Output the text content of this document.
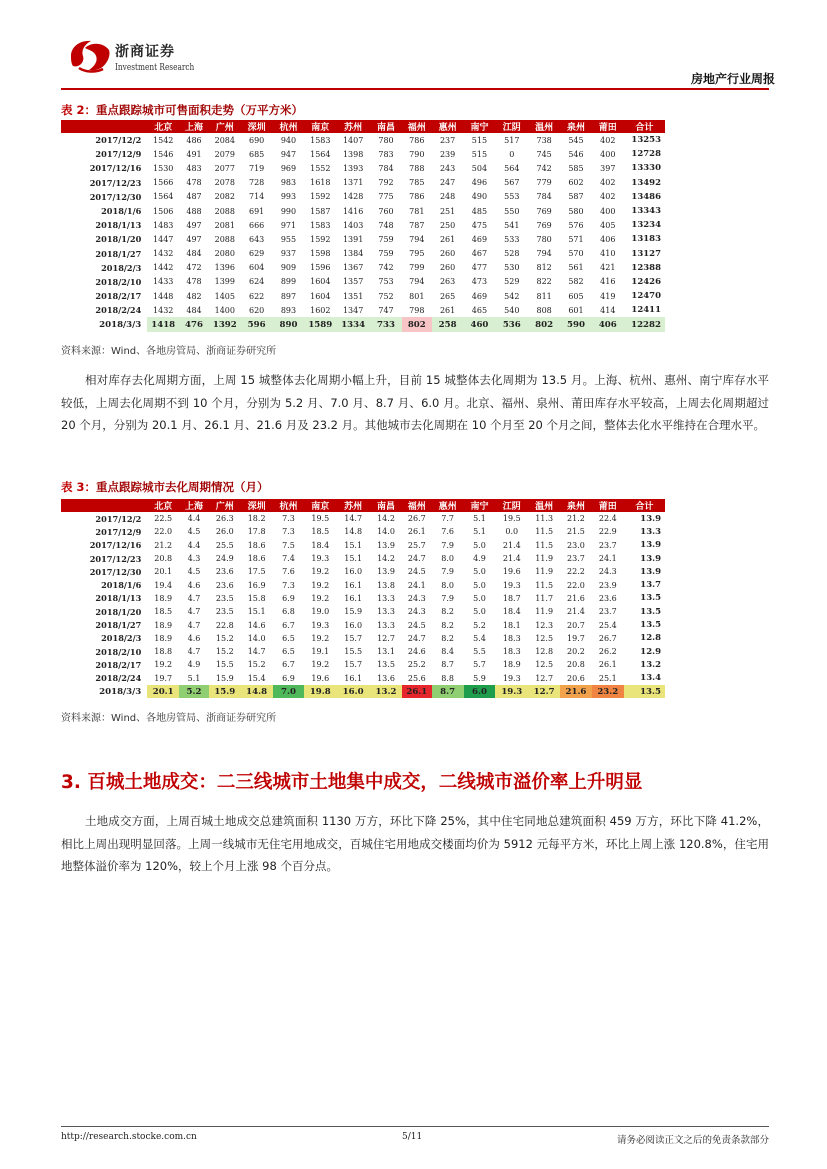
浙商证券
Investment Research
房地产行业周报
表 2：重点跟踪城市可售面积走势（万平方米）
	北京	上海	广州	深圳	杭州	南京	苏州	南昌	福州	惠州	南宁	江阴	温州	泉州	莆田	合计
2017/12/2	1542	486	2084	690	940	1583	1407	780	786	237	515	517	738	545	402	13253
2017/12/9	1546	491	2079	685	947	1564	1398	783	790	239	515	0	745	546	400	12728
2017/12/16	1530	483	2077	719	969	1552	1393	784	788	243	504	564	742	585	397	13330
2017/12/23	1566	478	2078	728	983	1618	1371	792	785	247	496	567	779	602	402	13492
2017/12/30	1564	487	2082	714	993	1592	1428	775	786	248	490	553	784	587	402	13486
2018/1/6	1506	488	2088	691	990	1587	1416	760	781	251	485	550	769	580	400	13343
2018/1/13	1483	497	2081	666	971	1583	1403	748	787	250	475	541	769	576	405	13234
2018/1/20	1447	497	2088	643	955	1592	1391	759	794	261	469	533	780	571	406	13183
2018/1/27	1432	484	2080	629	937	1598	1384	759	795	260	467	528	794	570	410	13127
2018/2/3	1442	472	1396	604	909	1596	1367	742	799	260	477	530	812	561	421	12388
2018/2/10	1433	478	1399	624	899	1604	1357	753	794	263	473	529	822	582	416	12426
2018/2/17	1448	482	1405	622	897	1604	1351	752	801	265	469	542	811	605	419	12470
2018/2/24	1432	484	1400	620	893	1602	1347	747	798	261	465	540	808	601	414	12411
2018/3/3	1418	476	1392	596	890	1589	1334	733	802	258	460	536	802	590	406	12282
资料来源：Wind、各地房管局、浙商证券研究所

相对库存去化周期方面，上周 15 城整体去化周期小幅上升，目前 15 城整体去化周期为 13.5 月。上海、杭州、惠州、南宁库存水平较低，上周去化周期不到 10 个月，分别为 5.2 月、7.0 月、8.7 月、6.0 月。北京、福州、泉州、莆田库存水平较高，上周去化周期超过 20 个月，分别为 20.1 月、26.1 月、21.6 月及 23.2 月。其他城市去化周期在 10 个月至 20 个月之间，整体去化水平维持在合理水平。

表 3：重点跟踪城市去化周期情况（月）
	北京	上海	广州	深圳	杭州	南京	苏州	南昌	福州	惠州	南宁	江阴	温州	泉州	莆田	合计
2017/12/2	22.5	4.4	26.3	18.2	7.3	19.5	14.7	14.2	26.7	7.7	5.1	19.5	11.3	21.2	22.4	13.9
2017/12/9	22.0	4.5	26.0	17.8	7.3	18.5	14.8	14.0	26.1	7.6	5.1	0.0	11.5	21.5	22.9	13.3
2017/12/16	21.2	4.4	25.5	18.6	7.5	18.4	15.1	13.9	25.7	7.9	5.0	21.4	11.5	23.0	23.7	13.9
2017/12/23	20.8	4.3	24.9	18.6	7.4	19.3	15.1	14.2	24.7	8.0	4.9	21.4	11.9	23.7	24.1	13.9
2017/12/30	20.1	4.5	23.6	17.5	7.6	19.2	16.0	13.9	24.5	7.9	5.0	19.6	11.9	22.2	24.3	13.9
2018/1/6	19.4	4.6	23.6	16.9	7.3	19.2	16.1	13.8	24.1	8.0	5.0	19.3	11.5	22.0	23.9	13.7
2018/1/13	18.9	4.7	23.5	15.8	6.9	19.2	16.1	13.3	24.3	7.9	5.0	18.7	11.7	21.6	23.6	13.5
2018/1/20	18.5	4.7	23.5	15.1	6.8	19.0	15.9	13.3	24.3	8.2	5.0	18.4	11.9	21.4	23.7	13.5
2018/1/27	18.9	4.7	22.8	14.6	6.7	19.3	16.0	13.3	24.5	8.2	5.2	18.1	12.3	20.7	25.4	13.5
2018/2/3	18.9	4.6	15.2	14.0	6.5	19.2	15.7	12.7	24.7	8.2	5.4	18.3	12.5	19.7	26.7	12.8
2018/2/10	18.8	4.7	15.2	14.7	6.5	19.1	15.5	13.1	24.6	8.4	5.5	18.3	12.8	20.2	26.2	12.9
2018/2/17	19.2	4.9	15.5	15.2	6.7	19.2	15.7	13.5	25.2	8.7	5.7	18.9	12.5	20.8	26.1	13.2
2018/2/24	19.7	5.1	15.9	15.4	6.9	19.6	16.1	13.6	25.6	8.8	5.9	19.3	12.7	20.6	25.1	13.4
2018/3/3	20.1	5.2	15.9	14.8	7.0	19.8	16.0	13.2	26.1	8.7	6.0	19.3	12.7	21.6	23.2	13.5
资料来源：Wind、各地房管局、浙商证券研究所
3. 百城土地成交：二三线城市土地集中成交，二线城市溢价率上升明显

土地成交方面，上周百城土地成交总建筑面积 1130 万方，环比下降 25%，其中住宅同地总建筑面积 459 万方，环比下降 41.2%，相比上周出现明显回落。上周一线城市无住宅用地成交，百城住宅用地成交楼面均价为 5912 元每平方米，环比上周上涨 120.8%，住宅用地整体溢价率为 120%，较上个月上涨 98 个百分点。

http://research.stocke.com.cn	5/11	请务必阅读正文之后的免责条款部分
